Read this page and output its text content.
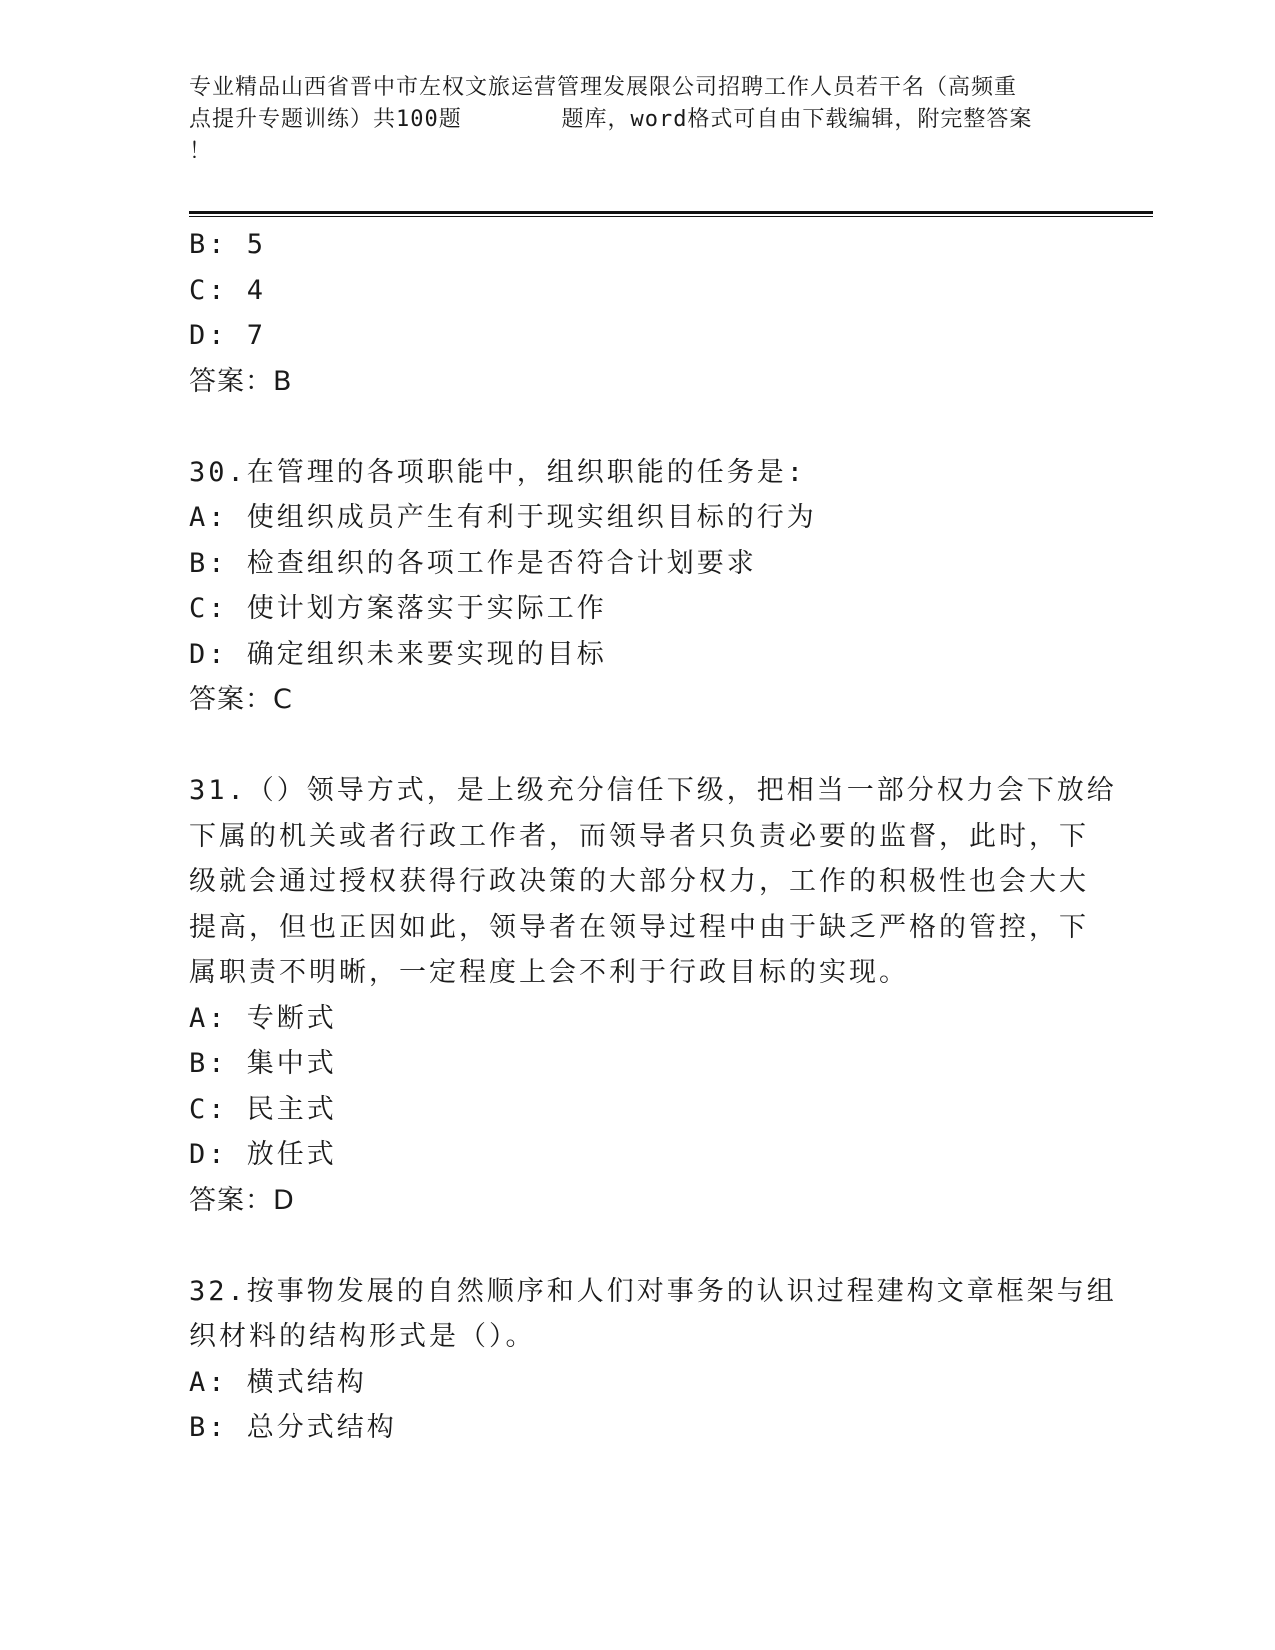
专业精品山西省晋中市左权文旅运营管理发展限公司招聘工作人员若干名（高频重
点提升专题训练）共100题       题库，word格式可自由下载编辑，附完整答案
！
B: 5
C: 4
D: 7
答案：B
30.在管理的各项职能中，组织职能的任务是:
A: 使组织成员产生有利于现实组织目标的行为
B: 检查组织的各项工作是否符合计划要求
C: 使计划方案落实于实际工作
D: 确定组织未来要实现的目标
答案：C
31.（）领导方式，是上级充分信任下级，把相当一部分权力会下放给
下属的机关或者行政工作者，而领导者只负责必要的监督，此时，下
级就会通过授权获得行政决策的大部分权力，工作的积极性也会大大
提高，但也正因如此，领导者在领导过程中由于缺乏严格的管控，下
属职责不明晰，一定程度上会不利于行政目标的实现。
A: 专断式
B: 集中式
C: 民主式
D: 放任式
答案：D
32.按事物发展的自然顺序和人们对事务的认识过程建构文章框架与组
织材料的结构形式是（）。
A: 横式结构
B: 总分式结构
